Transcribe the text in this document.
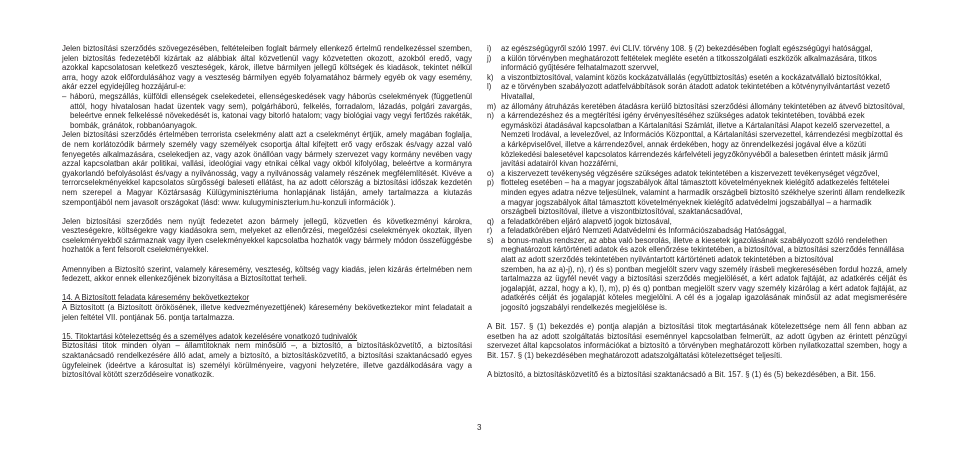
Jelen biztosítási szerződés szövegezésében, feltételeiben foglalt bármely ellenkező értelmű rendelkezéssel szemben, jelen biztosítás fedezetéből kizártak az alábbiak által közvetlenül vagy közvetetten okozott, azokból eredő, vagy azokkal kapcsolatosan keletkező veszteségek, károk, illetve bármilyen jellegű költségek és kiadások, tekintet nélkül arra, hogy azok előfordulásához vagy a veszteség bármilyen egyéb folyamatához bármely egyéb ok vagy esemény, akár ezzel egyidejűleg hozzájárul-e:

– háború, megszállás, külföldi ellenségek cselekedetei, ellenségeskedések vagy háborús cselekmények (függetlenül attól, hogy hivatalosan hadat üzentek vagy sem), polgárháború, felkelés, forradalom, lázadás, polgári zavargás, beleértve ennek felkeléssé növekedését is, katonai vagy bitorló hatalom; vagy biológiai vagy vegyi fertőzés rakéták, bombák, gránátok, robbanóanyagok.

Jelen biztosítási szerződés értelmében terrorista cselekmény alatt azt a cselekményt értjük, amely magában foglalja, de nem korlátozódik bármely személy vagy személyek csoportja által kifejtett erő vagy erőszak és/vagy azzal való fenyegetés alkalmazására, cselekedjen az, vagy azok önállóan vagy bármely szervezet vagy kormány nevében vagy azzal kapcsolatban akár politikai, vallási, ideológiai vagy etnikai célkal vagy okból kifolyólag, beleértve a kormányra gyakorlandó befolyásolást és/vagy a nyilvánosság, vagy a nyilvánosság valamely részének megfélemlítését. Kivéve a terrorcselekményekkel kapcsolatos sürgősségi baleseti ellátást, ha az adott célország a biztosítási időszak kezdetén nem szerepel a Magyar Köztársaság Külügyminisztériuma honlapjának listáján, amely tartalmazza a kiutazás szempontjából nem javasolt országokat (lásd: www. kulugyminiszterium.hu-konzuli információk ).

Jelen biztosítási szerződés nem nyújt fedezetet azon bármely jellegű, közvetlen és következményi károkra, veszteségekre, költségekre vagy kiadásokra sem, melyeket az ellenőrzési, megelőzési cselekmények okoztak, illyen cselekményekből származnak vagy ilyen cselekményekkel kapcsolatba hozhatók vagy bármely módon összefüggésbe hozhatók a fent felsorolt cselekményekkel.

Amennyiben a Biztosító szerint, valamely káresemény, veszteség, költség vagy kiadás, jelen kizárás értelmében nem fedezett, akkor ennek ellenkezőjének bizonyítása a Biztosítottat terheli.

14. A Biztosított feladata káresemény bekövetkeztekor

A Biztosított (a Biztosított örökösének, illetve kedvezményezettjének) káresemény bekövetkeztekor mint feladatait a jelen feltétel VII. pontjának 56. pontja tartalmazza.

15. Titoktartási kötelezettség és a személyes adatok kezelésére vonatkozó tudnivalók

Biztosítási titok minden olyan – államtitoknak nem minősülő –, a biztosító, a biztosításközvetítő, a biztosítási szaktanácsadó rendelkezésére álló adat, amely a biztosító, a biztosításközvetítő, a biztosítási szaktanácsadó egyes ügyfeleinek (ideértve a károsultat is) személyi körülményeire, vagyoni helyzetére, illetve gazdálkodására vagy a biztosítóval kötött szerződéseire vonatkozik.

i)	az egészségügyről szóló 1997. évi CLIV. törvény 108. § (2) bekezdésében foglalt egészségügyi hatósággal,
j)	a külön törvényben meghatározott feltételek megléte esetén a titkosszolgálati eszközök alkalmazására, titkos információ gyűjtésére felhatalmazott szervvel,
k) a viszontbiztosítóval, valamint közös kockázatvállalás (együttbiztosítás) esetén a kockázatvállaló biztosítókkal,
l)	az e törvényben szabályozott adatfelvábbítások során átadott adatok tekintetében a kötvénynyilvántartást vezető Hivatallal,
m) az állomány átruházás keretében átadásra kerülő biztosítási szerződési állomány tekintetében az átvevő biztosítóval,
n) a kárrendezéshez és a megtérítési igény érvényesítéséhez szükséges adatok tekintetében, továbbá ezek egymásközi átadásával kapcsolatban a Kártalanítási Számlát, illetve a Kártalanítási Alapot kezelő szervezettel, a Nemzeti Irodával, a levelezővel, az Információs Központtal, a Kártalanítási szervezettel, kárrendezési megbízottal és a kárképviselővel, illetve a kárrendezővel, annak érdekében, hogy az önrendelkezési jogával élve a közúti közlekedési balesetével kapcsolatos kárrendezés kárfelvételi jegyzőkönyvéből a balesetben érintett másik jármű javítási adatairól kivan hozzáférni,
o) a kiszervezett tevékenység végzésére szükséges adatok tekintetében a kiszervezett tevékenységet végzővel,
p) flotteleg esetében – ha a magyar jogszabályok által támasztott követelményeknek kielégítő adatkezelés feltételei minden egyes adatra nézve teljesülnek, valamint a harmadik országbeli biztosító székhelye szerinti állam rendelkezik a magyar jogszabályok által támasztott követelményeknek kielégítő adatvédelmi jogszabállyal – a harmadik országbeli biztosítóval, illetve a viszontbiztosítóval, szaktanácsadóval,
q) a feladatkörében eljáró alapvető jogok biztosával,
r)	a feladatkörében eljáró Nemzeti Adatvédelmi és Információszabadság Hatósággal,
s) a bonus-malus rendszer, az abba való besorolás, illetve a kiesetek igazolásának szabályozott szóló rendelethen meghatározott kártörténeti adatok és azok ellenőrzése tekintetében, a biztosítóval, a biztosítási szerződés fennállása alatt az adott szerződés tekintetében nyilvántartott kártörténeti adatok tekintetében a biztosítóval

szemben, ha az a)-j), n), r) és s) pontban megjelölt szerv vagy személy írásbeli megkeresésében fordul hozzá, amely tartalmazza az ügyfél nevét vagy a biztosítási szerződés megjelölését, a kért adatok fajtáját, az adatkérés célját és jogalapját, azzal, hogy a k), l), m), p) és q) pontban megjelölt szerv vagy személy kizárólag a kért adatok fajtáját, az adatkérés célját és jogalapját köteles megjelölni. A cél és a jogalap igazolásának minősül az adat megismerésére jogosító jogszabályi rendelkezés megjelölése is.

A Bit. 157. § (1) bekezdés e) pontja alapján a biztosítási titok megtartásának kötelezettsége nem áll fenn abban az esetben ha az adott szolgáltatás biztosítási eseménnyel kapcsolatban felmerült, az adott ügyben az érintett pénzügyi szervezet által kapcsolatos információkat a biztosító a törvényben meghatározott körben nyilatkozattal szemben, hogy a Bit. 157. § (1) bekezdésében meghatározott adatszolgáltatási kötelezettséget teljesíti.

A biztosító, a biztosításközvetítő és a biztosítási szaktanácsadó a Bit. 157. § (1) és (5) bekezdésében, a Bit. 156.

3
